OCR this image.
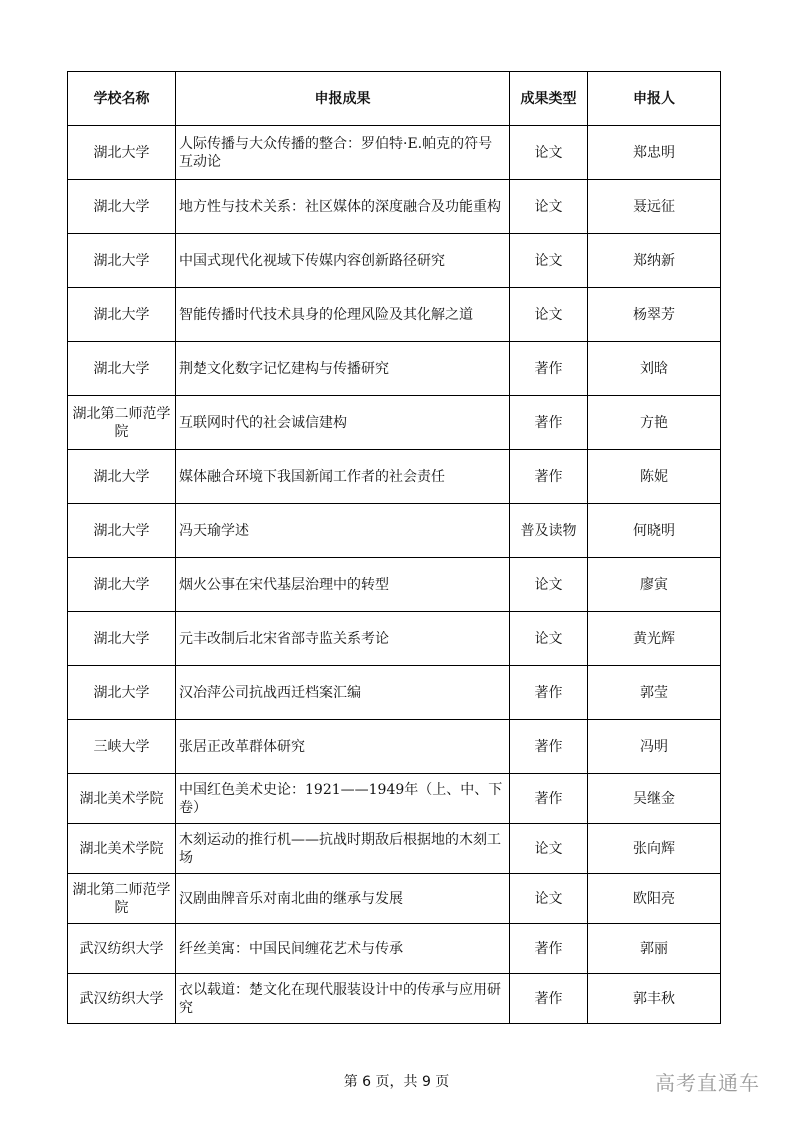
学校名称	申报成果	成果类型	申报人
湖北大学	人际传播与大众传播的整合：罗伯特·E.帕克的符号互动论	论文	郑忠明
湖北大学	地方性与技术关系：社区媒体的深度融合及功能重构	论文	聂远征
湖北大学	中国式现代化视域下传媒内容创新路径研究	论文	郑纳新
湖北大学	智能传播时代技术具身的伦理风险及其化解之道	论文	杨翠芳
湖北大学	荆楚文化数字记忆建构与传播研究	著作	刘晗
湖北第二师范学院	互联网时代的社会诚信建构	著作	方艳
湖北大学	媒体融合环境下我国新闻工作者的社会责任	著作	陈妮
湖北大学	冯天瑜学述	普及读物	何晓明
湖北大学	烟火公事在宋代基层治理中的转型	论文	廖寅
湖北大学	元丰改制后北宋省部寺监关系考论	论文	黄光辉
湖北大学	汉冶萍公司抗战西迁档案汇编	著作	郭莹
三峡大学	张居正改革群体研究	著作	冯明
湖北美术学院	中国红色美术史论：1921——1949年（上、中、下卷）	著作	吴继金
湖北美术学院	木刻运动的推行机——抗战时期敌后根据地的木刻工场	论文	张向辉
湖北第二师范学院	汉剧曲牌音乐对南北曲的继承与发展	论文	欧阳亮
武汉纺织大学	纤丝美寓：中国民间缠花艺术与传承	著作	郭丽
武汉纺织大学	衣以载道：楚文化在现代服装设计中的传承与应用研究	著作	郭丰秋
第 6 页，共 9 页	高考直通车
